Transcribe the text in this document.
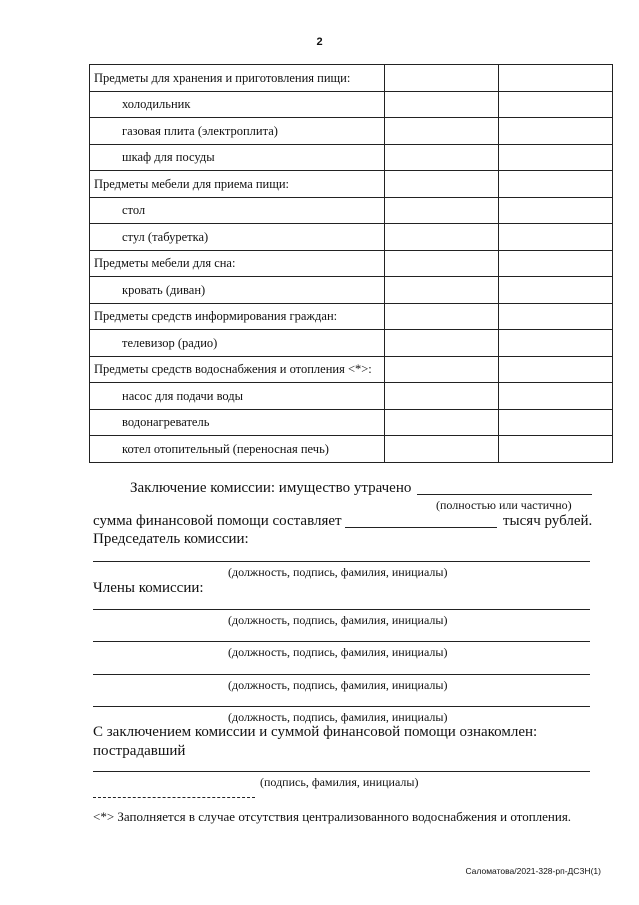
2
Предметы для хранения и приготовления пищи:		
холодильник		
газовая плита (электроплита)		
шкаф для посуды		
Предметы мебели для приема пищи:		
стол		
стул (табуретка)		
Предметы мебели для сна:		
кровать (диван)		
Предметы средств информирования граждан:		
телевизор (радио)		
Предметы средств водоснабжения и отопления <*>:		
насос для подачи воды		
водонагреватель		
котел отопительный (переносная печь)		
Заключение комиссии: имущество утрачено
(полностью или частично)
сумма финансовой помощи составляет	тысяч рублей.
Председатель комиссии:
(должность, подпись, фамилия, инициалы)
Члены комиссии:
(должность, подпись, фамилия, инициалы)
(должность, подпись, фамилия, инициалы)
(должность, подпись, фамилия, инициалы)
(должность, подпись, фамилия, инициалы)
С заключением комиссии и суммой финансовой помощи ознакомлен:
пострадавший
(подпись, фамилия, инициалы)
<*> Заполняется в случае отсутствия централизованного водоснабжения и отопления.
Саломатова/2021-328-рп-ДСЗН(1)
